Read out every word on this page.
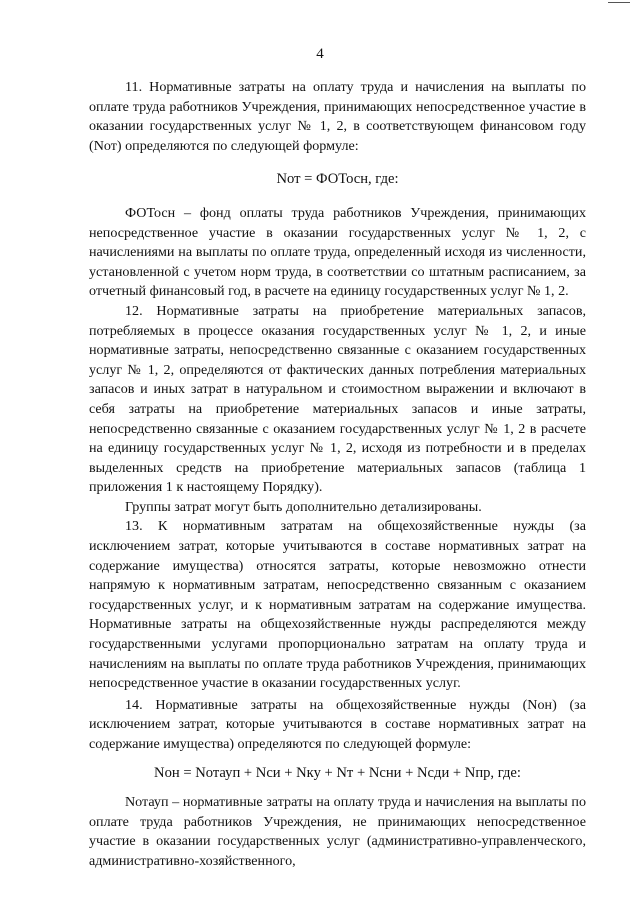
4

11. Нормативные затраты на оплату труда и начисления на выплаты по оплате труда работников Учреждения, принимающих непосредственное участие в оказании государственных услуг № 1, 2, в соответствующем финансовом году (Nот) определяются по следующей формуле:

Nот = ФОТосн, где:

ФОТосн – фонд оплаты труда работников Учреждения, принимающих непосредственное участие в оказании государственных услуг № 1, 2, с начислениями на выплаты по оплате труда, определенный исходя из численности, установленной с учетом норм труда, в соответствии со штатным расписанием, за отчетный финансовый год, в расчете на единицу государственных услуг № 1, 2.

12. Нормативные затраты на приобретение материальных запасов, потребляемых в процессе оказания государственных услуг № 1, 2, и иные нормативные затраты, непосредственно связанные с оказанием государственных услуг № 1, 2, определяются от фактических данных потребления материальных запасов и иных затрат в натуральном и стоимостном выражении и включают в себя затраты на приобретение материальных запасов и иные затраты, непосредственно связанные с оказанием государственных услуг № 1, 2 в расчете на единицу государственных услуг № 1, 2, исходя из потребности и в пределах выделенных средств на приобретение материальных запасов (таблица 1 приложения 1 к настоящему Порядку).

Группы затрат могут быть дополнительно детализированы.

13. К нормативным затратам на общехозяйственные нужды (за исключением затрат, которые учитываются в составе нормативных затрат на содержание имущества) относятся затраты, которые невозможно отнести напрямую к нормативным затратам, непосредственно связанным с оказанием государственных услуг, и к нормативным затратам на содержание имущества. Нормативные затраты на общехозяйственные нужды распределяются между государственными услугами пропорционально затратам на оплату труда и начислениям на выплаты по оплате труда работников Учреждения, принимающих непосредственное участие в оказании государственных услуг.

14. Нормативные затраты на общехозяйственные нужды (Nон) (за исключением затрат, которые учитываются в составе нормативных затрат на содержание имущества) определяются по следующей формуле:

Nон = Nотауп + Nси + Nку + Nт + Nсни + Nсди + Nпр, где:

Nотауп – нормативные затраты на оплату труда и начисления на выплаты по оплате труда работников Учреждения, не принимающих непосредственное участие в оказании государственных услуг (административно-управленческого, административно-хозяйственного,
